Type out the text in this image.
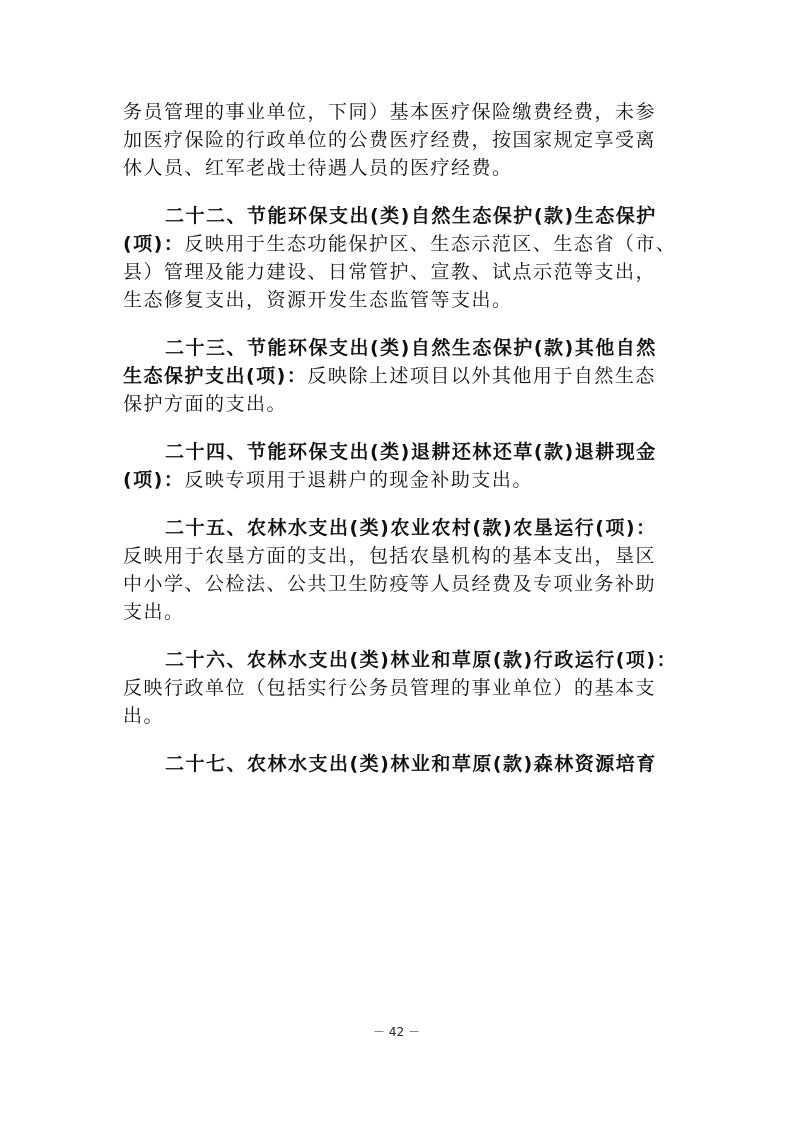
务员管理的事业单位，下同）基本医疗保险缴费经费，未参
加医疗保险的行政单位的公费医疗经费，按国家规定享受离
休人员、红军老战士待遇人员的医疗经费。
二十二、节能环保支出(类)自然生态保护(款)生态保护
(项)：反映用于生态功能保护区、生态示范区、生态省（市、
县）管理及能力建设、日常管护、宣教、试点示范等支出，
生态修复支出，资源开发生态监管等支出。
二十三、节能环保支出(类)自然生态保护(款)其他自然
生态保护支出(项)：反映除上述项目以外其他用于自然生态
保护方面的支出。
二十四、节能环保支出(类)退耕还林还草(款)退耕现金
(项)：反映专项用于退耕户的现金补助支出。
二十五、农林水支出(类)农业农村(款)农垦运行(项)：
反映用于农垦方面的支出，包括农垦机构的基本支出，垦区
中小学、公检法、公共卫生防疫等人员经费及专项业务补助
支出。
二十六、农林水支出(类)林业和草原(款)行政运行(项)：
反映行政单位（包括实行公务员管理的事业单位）的基本支
出。
二十七、农林水支出(类)林业和草原(款)森林资源培育
－ 42 －
